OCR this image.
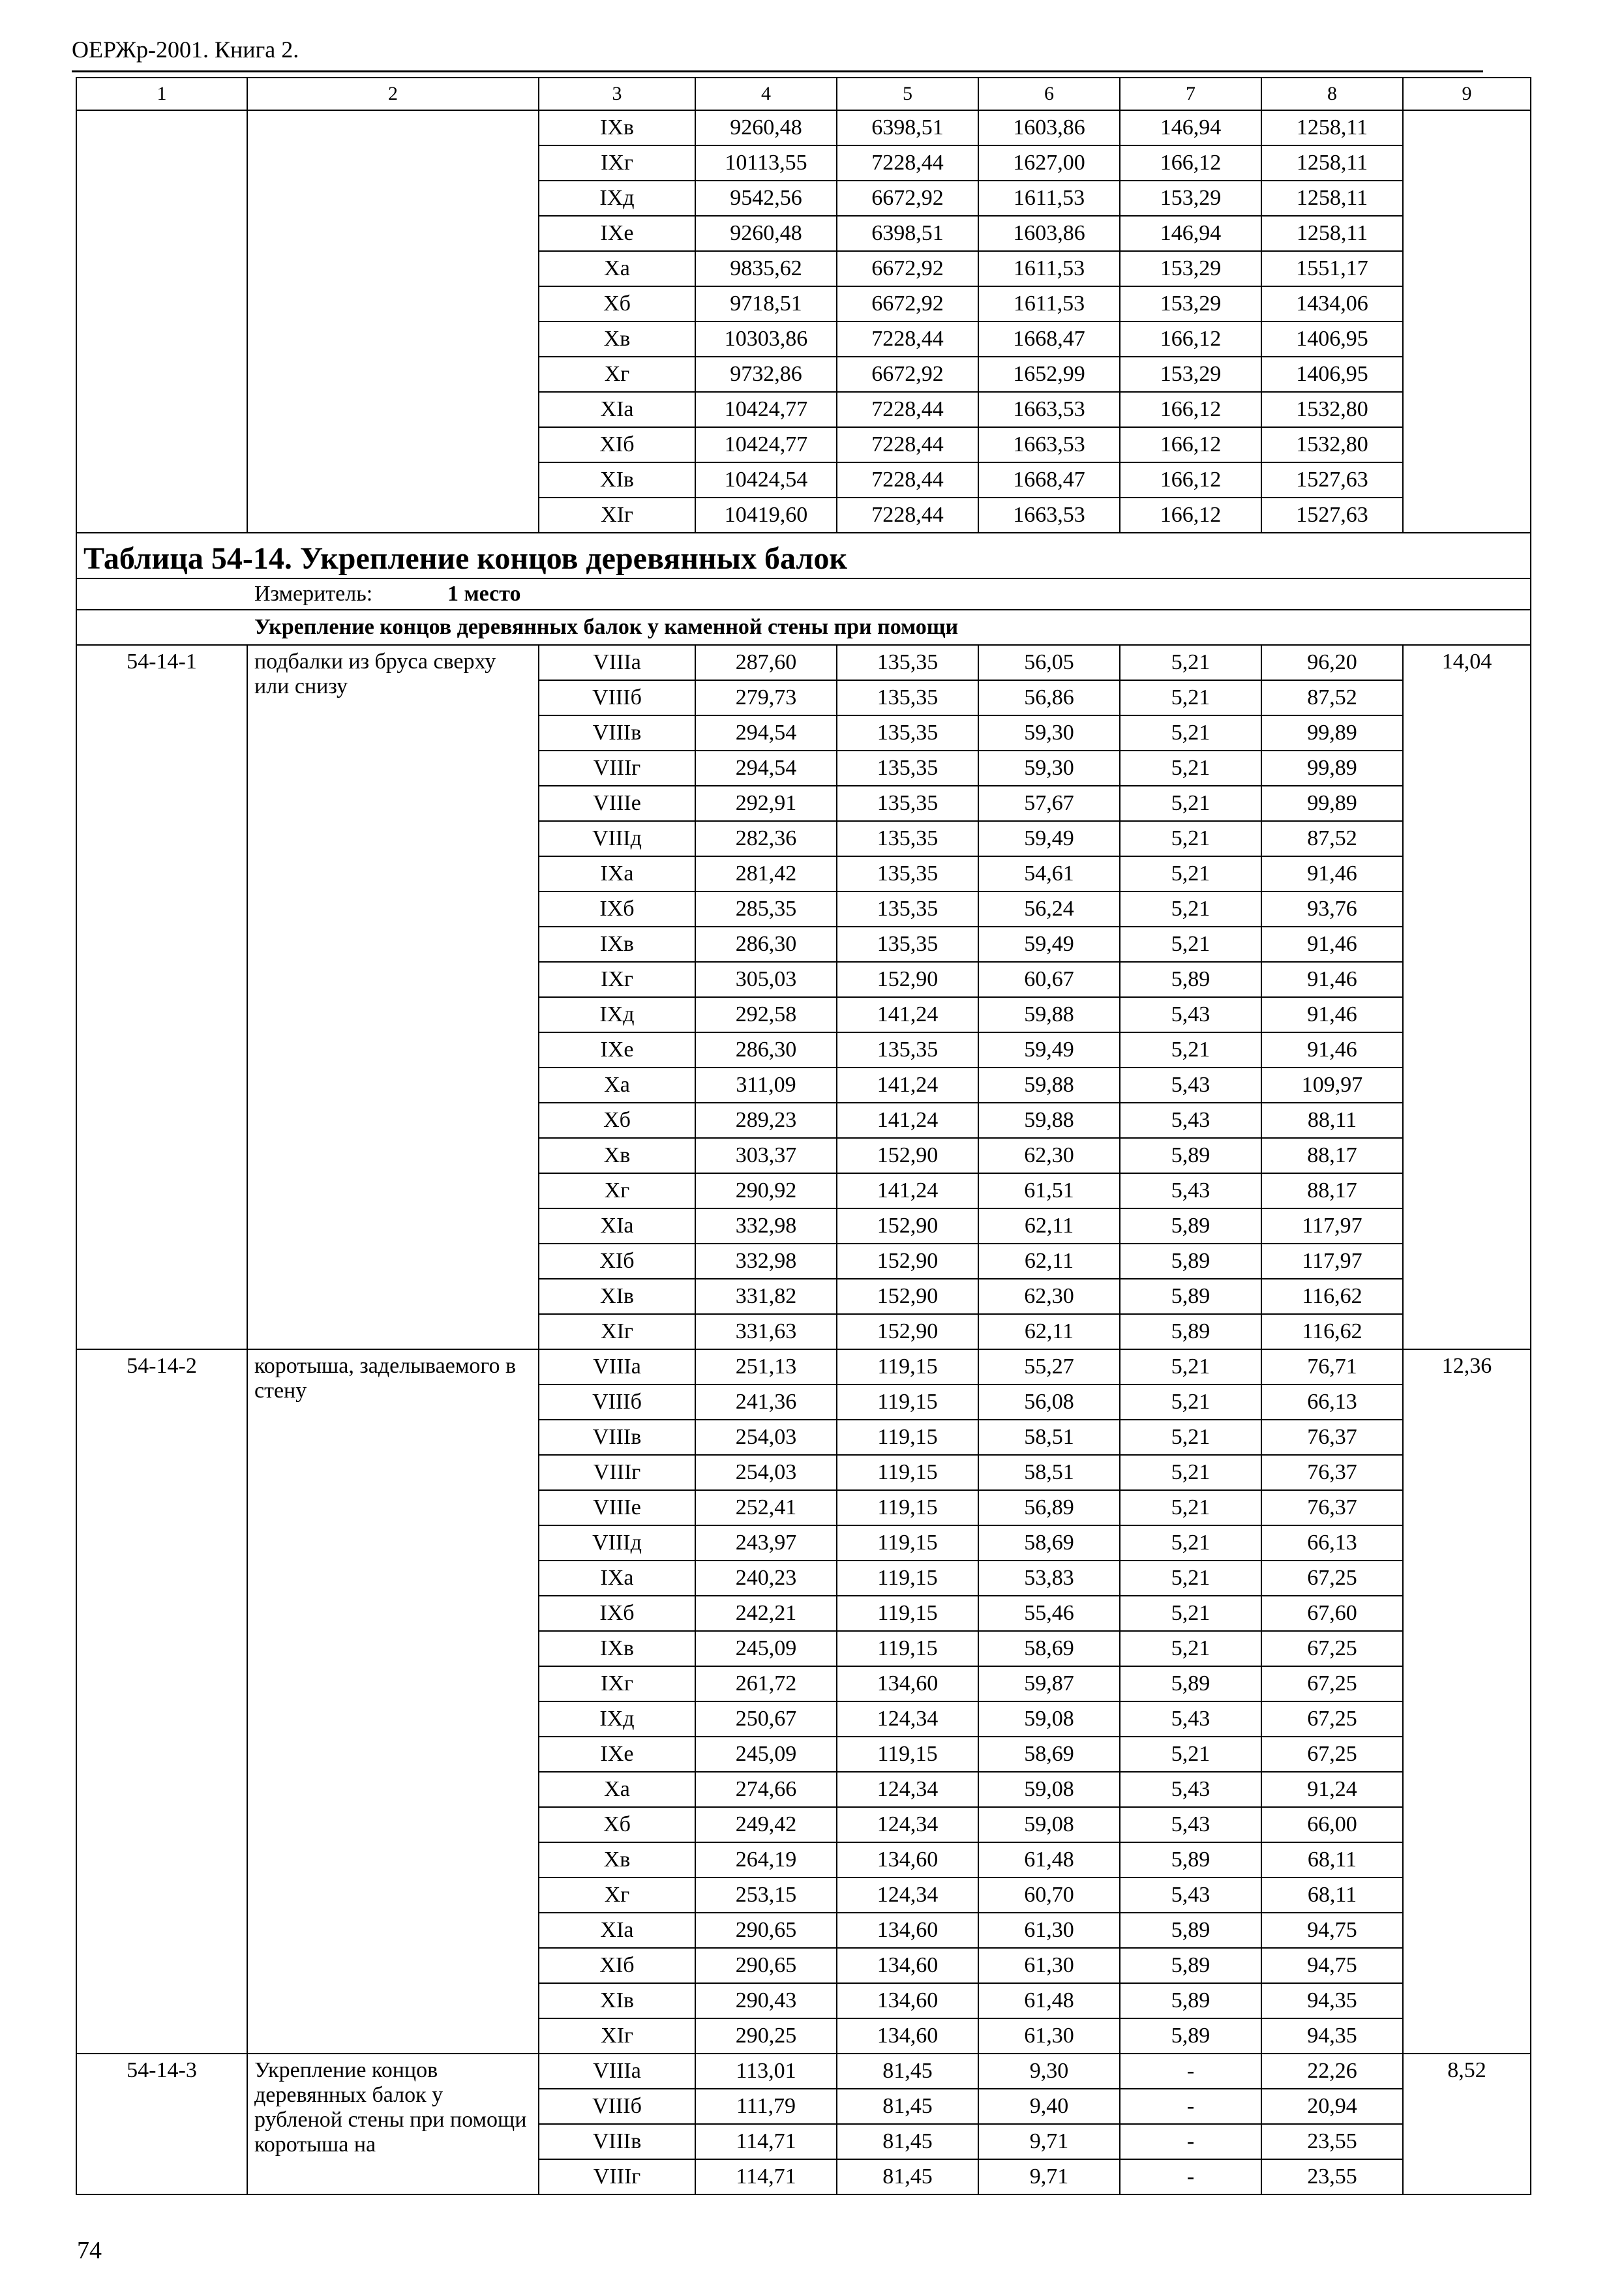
ОЕРЖр-2001. Книга 2.
1	2	3	4	5	6	7	8	9
		IXв	9260,48	6398,51	1603,86	146,94	1258,11	
		IXг	10113,55	7228,44	1627,00	166,12	1258,11	
		IXд	9542,56	6672,92	1611,53	153,29	1258,11	
		IXе	9260,48	6398,51	1603,86	146,94	1258,11	
		Xа	9835,62	6672,92	1611,53	153,29	1551,17	
		Xб	9718,51	6672,92	1611,53	153,29	1434,06	
		Xв	10303,86	7228,44	1668,47	166,12	1406,95	
		Xг	9732,86	6672,92	1652,99	153,29	1406,95	
		XIа	10424,77	7228,44	1663,53	166,12	1532,80	
		XIб	10424,77	7228,44	1663,53	166,12	1532,80	
		XIв	10424,54	7228,44	1668,47	166,12	1527,63	
		XIг	10419,60	7228,44	1663,53	166,12	1527,63	
Таблица 54-14. Укрепление концов деревянных балок								
Измеритель: 1 место								
Укрепление концов деревянных балок у каменной стены при помощи								
54-14-1	подбалки из бруса сверху или снизу	VIIIа	287,60	135,35	56,05	5,21	96,20	14,04
		VIIIб	279,73	135,35	56,86	5,21	87,52	
		VIIIв	294,54	135,35	59,30	5,21	99,89	
		VIIIг	294,54	135,35	59,30	5,21	99,89	
		VIIIе	292,91	135,35	57,67	5,21	99,89	
		VIIIд	282,36	135,35	59,49	5,21	87,52	
		IXа	281,42	135,35	54,61	5,21	91,46	
		IXб	285,35	135,35	56,24	5,21	93,76	
		IXв	286,30	135,35	59,49	5,21	91,46	
		IXг	305,03	152,90	60,67	5,89	91,46	
		IXд	292,58	141,24	59,88	5,43	91,46	
		IXе	286,30	135,35	59,49	5,21	91,46	
		Xа	311,09	141,24	59,88	5,43	109,97	
		Xб	289,23	141,24	59,88	5,43	88,11	
		Xв	303,37	152,90	62,30	5,89	88,17	
		Xг	290,92	141,24	61,51	5,43	88,17	
		XIа	332,98	152,90	62,11	5,89	117,97	
		XIб	332,98	152,90	62,11	5,89	117,97	
		XIв	331,82	152,90	62,30	5,89	116,62	
		XIг	331,63	152,90	62,11	5,89	116,62	
54-14-2	коротыша, заделываемого в стену	VIIIа	251,13	119,15	55,27	5,21	76,71	12,36
		VIIIб	241,36	119,15	56,08	5,21	66,13	
		VIIIв	254,03	119,15	58,51	5,21	76,37	
		VIIIг	254,03	119,15	58,51	5,21	76,37	
		VIIIе	252,41	119,15	56,89	5,21	76,37	
		VIIIд	243,97	119,15	58,69	5,21	66,13	
		IXа	240,23	119,15	53,83	5,21	67,25	
		IXб	242,21	119,15	55,46	5,21	67,60	
		IXв	245,09	119,15	58,69	5,21	67,25	
		IXг	261,72	134,60	59,87	5,89	67,25	
		IXд	250,67	124,34	59,08	5,43	67,25	
		IXе	245,09	119,15	58,69	5,21	67,25	
		Xа	274,66	124,34	59,08	5,43	91,24	
		Xб	249,42	124,34	59,08	5,43	66,00	
		Xв	264,19	134,60	61,48	5,89	68,11	
		Xг	253,15	124,34	60,70	5,43	68,11	
		XIа	290,65	134,60	61,30	5,89	94,75	
		XIб	290,65	134,60	61,30	5,89	94,75	
		XIв	290,43	134,60	61,48	5,89	94,35	
		XIг	290,25	134,60	61,30	5,89	94,35	
54-14-3	Укрепление концов деревянных балок у рубленой стены при помощи коротыша на	VIIIа	113,01	81,45	9,30	-	22,26	8,52
		VIIIб	111,79	81,45	9,40	-	20,94	
		VIIIв	114,71	81,45	9,71	-	23,55	
		VIIIг	114,71	81,45	9,71	-	23,55	
74
